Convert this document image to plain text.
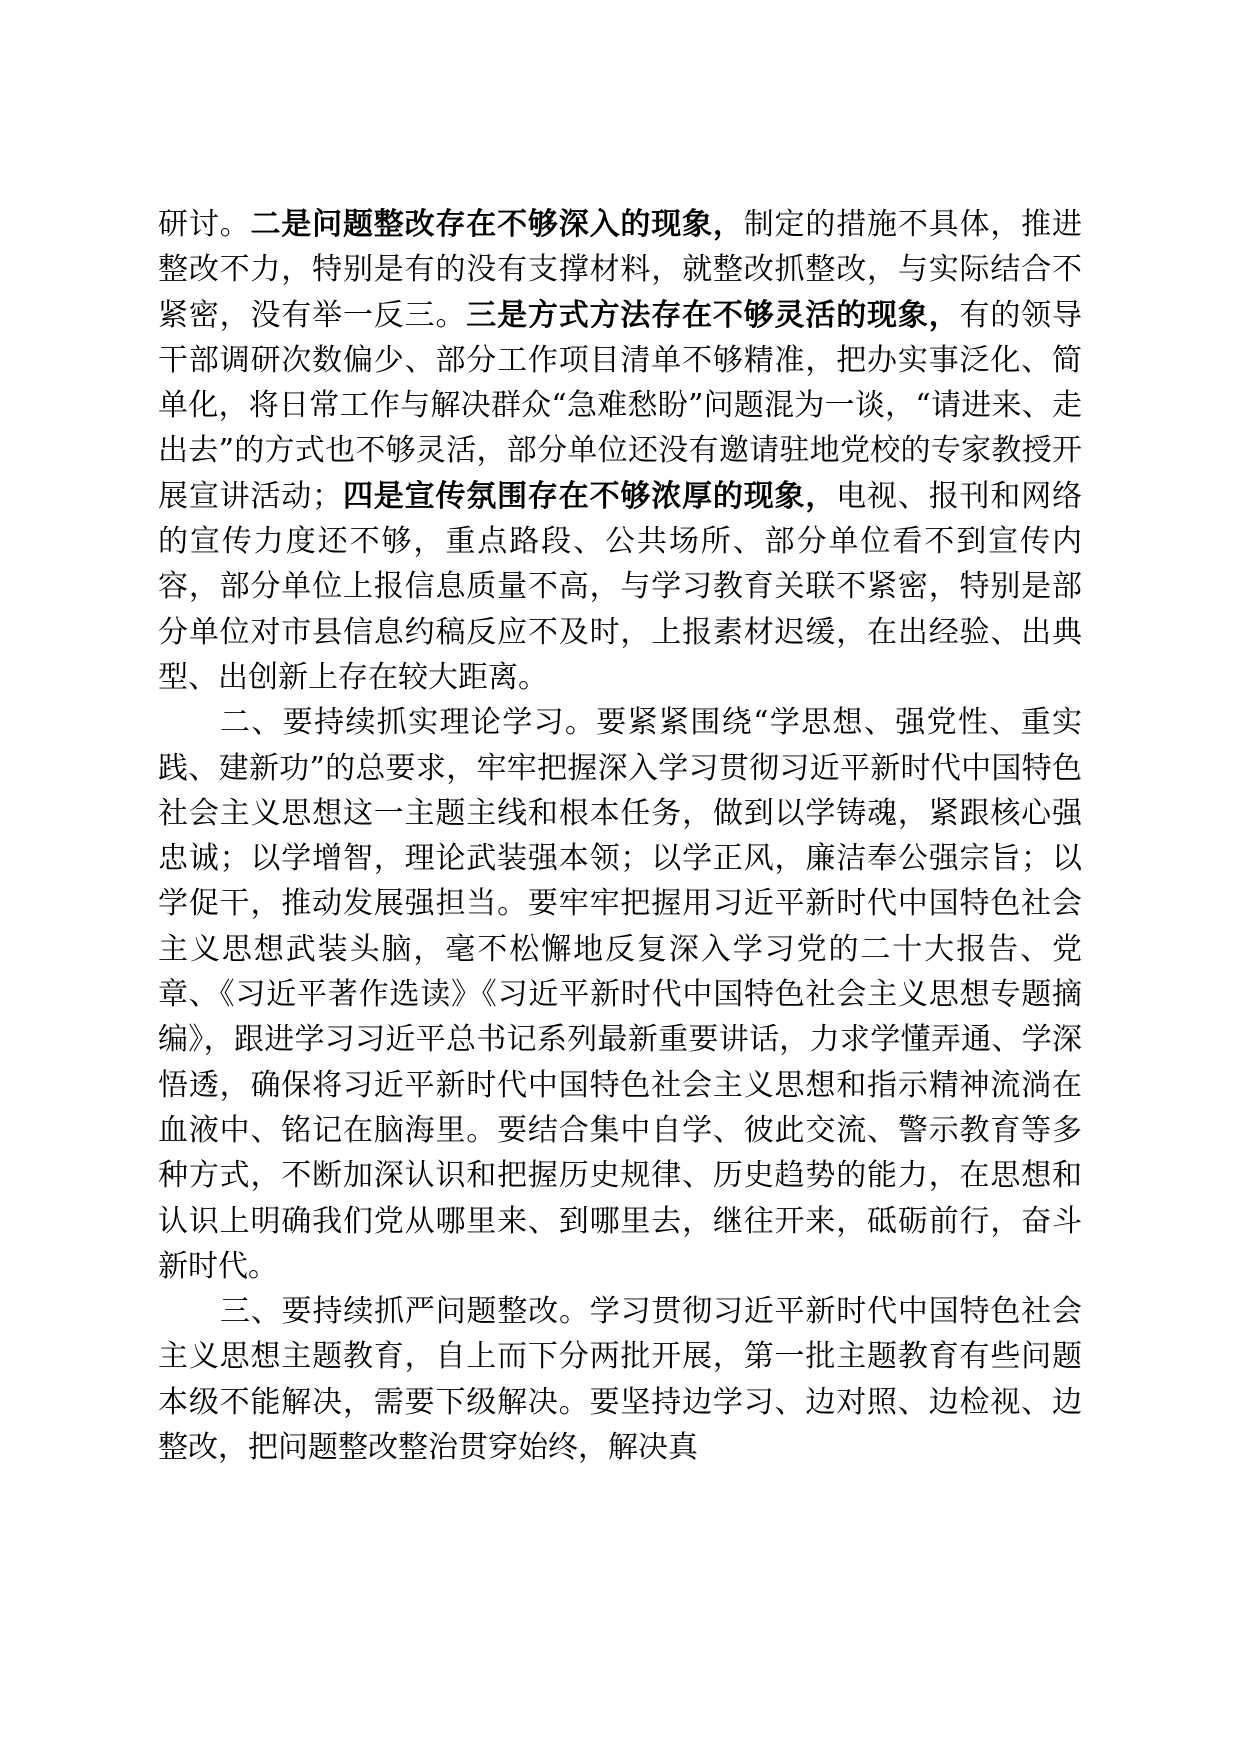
研讨。二是问题整改存在不够深入的现象，制定的措施不具体，推进整改不力，特别是有的没有支撑材料，就整改抓整改，与实际结合不紧密，没有举一反三。三是方式方法存在不够灵活的现象，有的领导干部调研次数偏少、部分工作项目清单不够精准，把办实事泛化、简单化，将日常工作与解决群众“急难愁盼”问题混为一谈，“请进来、走出去”的方式也不够灵活，部分单位还没有邀请驻地党校的专家教授开展宣讲活动；四是宣传氛围存在不够浓厚的现象，电视、报刊和网络的宣传力度还不够，重点路段、公共场所、部分单位看不到宣传内容，部分单位上报信息质量不高，与学习教育关联不紧密，特别是部分单位对市县信息约稿反应不及时，上报素材迟缓，在出经验、出典型、出创新上存在较大距离。

二、要持续抓实理论学习。要紧紧围绕“学思想、强党性、重实践、建新功”的总要求，牢牢把握深入学习贯彻习近平新时代中国特色社会主义思想这一主题主线和根本任务，做到以学铸魂，紧跟核心强忠诚；以学增智，理论武装强本领；以学正风，廉洁奉公强宗旨；以学促干，推动发展强担当。要牢牢把握用习近平新时代中国特色社会主义思想武装头脑，毫不松懈地反复深入学习党的二十大报告、党章、《习近平著作选读》《习近平新时代中国特色社会主义思想专题摘编》，跟进学习习近平总书记系列最新重要讲话，力求学懂弄通、学深悟透，确保将习近平新时代中国特色社会主义思想和指示精神流淌在血液中、铭记在脑海里。要结合集中自学、彼此交流、警示教育等多种方式，不断加深认识和把握历史规律、历史趋势的能力，在思想和认识上明确我们党从哪里来、到哪里去，继往开来，砥砺前行，奋斗新时代。

三、要持续抓严问题整改。学习贯彻习近平新时代中国特色社会主义思想主题教育，自上而下分两批开展，第一批主题教育有些问题本级不能解决，需要下级解决。要坚持边学习、边对照、边检视、边整改，把问题整改整治贯穿始终，解决真
